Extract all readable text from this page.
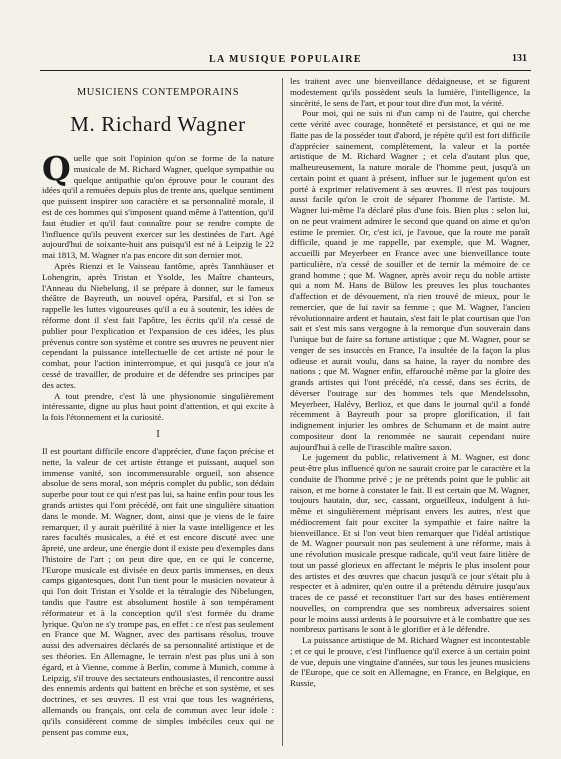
LA MUSIQUE POPULAIRE	131
MUSICIENS CONTEMPORAINS
M. Richard Wagner

Quelle que soit l'opinion qu'on se forme de la nature musicale de M. Richard Wagner, quelque sympathie ou quelque antipathie qu'on éprouve pour le courant des idées qu'il a remuées depuis plus de trente ans, quelque sentiment que puissent inspirer son caractère et sa personnalité morale, il est de ces hommes qui s'imposent quand même à l'attention, qu'il faut étudier et qu'il faut connaître pour se rendre compte de l'influence qu'ils peuvent exercer sur les destinées de l'art. Agé aujourd'hui de soixante-huit ans puisqu'il est né à Leipzig le 22 mai 1813, M. Wagner n'a pas encore dit son dernier mot.

Après Rienzi et le Vaisseau fantôme, après Tannhäuser et Lohengrin, après Tristan et Ysolde, les Maître chanteurs, l'Anneau du Niebelung, il se prépare à donner, sur le fameux théâtre de Bayreuth, un nouvel opéra, Parsifal, et si l'on se rappelle les luttes vigoureuses qu'il a eu à soutenir, les idées de réforme dont il s'est fait l'apôtre, les écrits qu'il n'a cessé de publier pour l'explication et l'expansion de ces idées, les plus prévenus contre son système et contre ses œuvres ne peuvent nier cependant la puissance intellectuelle de cet artiste né pour le combat, pour l'action ininterrompue, et qui jusqu'à ce jour n'a cessé de travailler, de produire et de défendre ses principes par des actes.

A tout prendre, c'est là une physionomie singulièrement intéressante, digne au plus haut point d'attention, et qui excite à la fois l'étonnement et la curiosité.

I

Il est pourtant difficile encore d'apprécier, d'une façon précise et nette, la valeur de cet artiste étrange et puissant, auquel son immense vanité, son incommensurable orgueil, son absence absolue de sens moral, son mépris complet du public, son dédain superbe pour tout ce qui n'est pas lui, sa haine enfin pour tous les grands artistes qui l'ont précédé, ont fait une singulière situation dans le monde. M. Wagner, dont, ainsi que je viens de le faire remarquer, il y aurait puérilité à nier la vaste intelligence et les rares facultés musicales, a été et est encore discuté avec une âpreté, une ardeur, une énergie dont il existe peu d'exemples dans l'histoire de l'art ; on peut dire que, en ce qui le concerne, l'Europe musicale est divisée en deux partis immenses, en deux camps gigantesques, dont l'un tient pour le musicien novateur à qui l'on doit Tristan et Ysolde et la tétralogie des Nibelungen, tandis que l'autre est absolument hostile à son tempérament réformateur et à la conception qu'il s'est formée du drame lyrique. Qu'on ne s'y trompe pas, en effet : ce n'est pas seulement en France que M. Wagner, avec des partisans résolus, trouve aussi des adversaires déclarés de sa personnalité artistique et de ses théories. En Allemagne, le terrain n'est pas plus uni à son égard, et à Vienne, comme à Berlin, comme à Munich, comme à Leipzig, s'il trouve des sectateurs enthousiastes, il rencontre aussi des ennemis ardents qui battent en brèche et son système, et ses doctrines, et ses œuvres. Il est vrai que tous les wagnériens, allemands ou français, ont cela de commun avec leur idole : qu'ils considèrent comme de simples imbéciles ceux qui ne pensent pas comme eux,

les traitent avec une bienveillance dédaigneuse, et se figurent modestement qu'ils possèdent seuls la lumière, l'intelligence, la sincérité, le sens de l'art, et pour tout dire d'un mot, la vérité.

Pour moi, qui ne suis ni d'un camp ni de l'autre, qui cherche cette vérité avec courage, honnêteté et persistance, et qui ne me flatte pas de la posséder tout d'abord, je répète qu'il est fort difficile d'apprécier sainement, complètement, la valeur et la portée artistique de M. Richard Wagner ; et cela d'autant plus que, malheureusement, la nature morale de l'homme peut, jusqu'à un certain point et quant à présent, influer sur le jugement qu'on est porté à exprimer relativement à ses œuvres. Il n'est pas toujours aussi facile qu'on le croit de séparer l'homme de l'artiste. M. Wagner lui-même l'a déclaré plus d'une fois. Bien plus : selon lui, on ne peut vraiment admirer le second que quand on aime et qu'on estime le premier. Or, c'est ici, je l'avoue, que la route me paraît difficile, quand je me rappelle, par exemple, que M. Wagner, accueilli par Meyerbeer en France avec une bienveillance toute particulière, n'a cessé de souiller et de ternir la mémoire de ce grand homme ; que M. Wagner, après avoir reçu du noble artiste qui a nom M. Hans de Bülow les preuves les plus touchantes d'affection et de dévouement, n'a rien trouvé de mieux, pour le remercier, que de lui ravir sa femme ; que M. Wagner, l'ancien révolutionnaire ardent et hautain, s'est fait le plat courtisan que l'on sait et s'est mis sans vergogne à la remorque d'un souverain dans l'unique but de faire sa fortune artistique ; que M. Wagner, pour se venger de ses insuccès en France, l'a insultée de la façon la plus odieuse et aurait voulu, dans sa haine, la rayer du nombre des nations ; que M. Wagner enfin, effarouché même par la gloire des grands artistes qui l'ont précédé, n'a cessé, dans ses écrits, de déverser l'outrage sur des hommes tels que Mendelssohn, Meyerbeer, Halévy, Berlioz, et que dans le journal qu'il a fondé récemment à Bayreuth pour sa propre glorification, il fait indignement injurier les ombres de Schumann et de maint autre compositeur dont la renommée ne saurait cependant nuire aujourd'hui à celle de l'irascible maître saxon.

Le jugement du public, relativement à M. Wagner, est donc peut-être plus influencé qu'on ne saurait croire par le caractère et la conduite de l'homme privé ; je ne prétends point que le public ait raison, et me borne à constater le fait. Il est certain que M. Wagner, toujours hautain, dur, sec, cassant, orgueilleux, indulgent à lui-même et singulièrement méprisant envers les autres, n'est que médiocrement fait pour exciter la sympathie et faire naître la bienveillance. Et si l'on veut bien remarquer que l'idéal artistique de M. Wagner poursuit non pas seulement à une réforme, mais à une révolution musicale presque radicale, qu'il veut faire litière de tout un passé glorieux en affectant le mépris le plus insolent pour des artistes et des œuvres que chacun jusqu'à ce jour s'était plu à respecter et à admirer, qu'en outre il a prétendu détruire jusqu'aux traces de ce passé et reconstituer l'art sur des bases entièrement nouvelles, on comprendra que ses nombreux adversaires soient pour le moins aussi ardents à le poursuivre et à le combattre que ses nombreux partisans le sont à le glorifier et à le défendre.

La puissance artistique de M. Richard Wagner est incontestable ; et ce qui le prouve, c'est l'influence qu'il exerce à un certain point de vue, depuis une vingtaine d'années, sur tous les jeunes musiciens de l'Europe, que ce soit en Allemagne, en France, en Belgique, en Russie,
